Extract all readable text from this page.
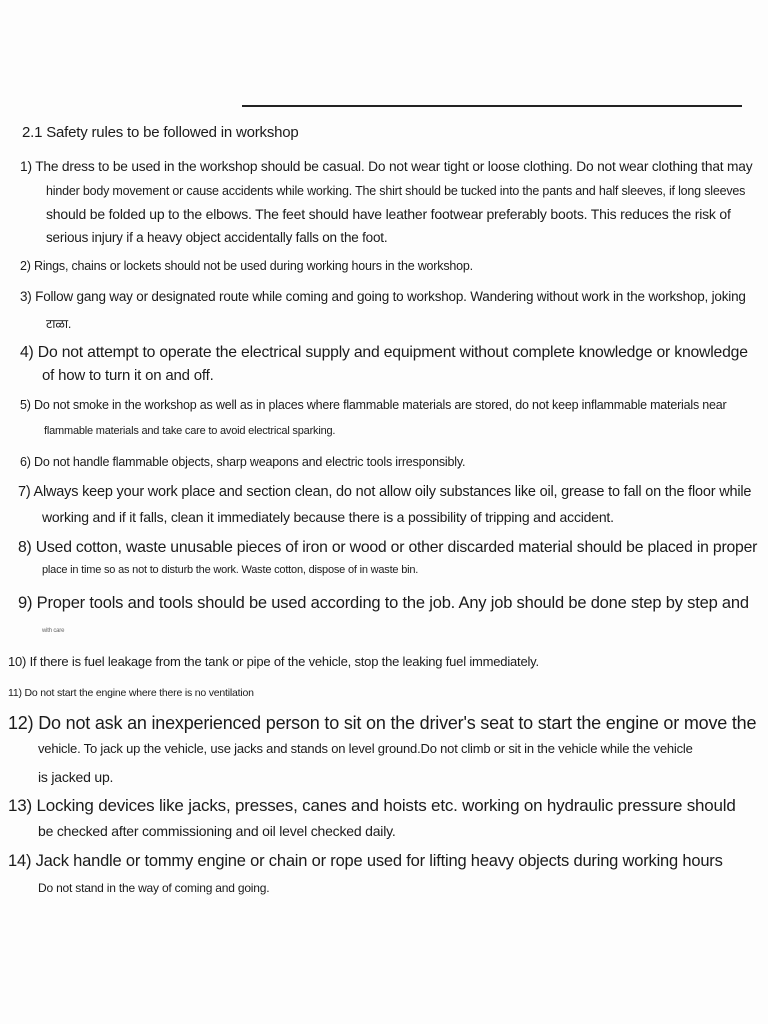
2.1 Safety rules to be followed in workshop
1) The dress to be used in the workshop should be casual. Do not wear tight or loose clothing. Do not wear clothing that may
hinder body movement or cause accidents while working. The shirt should be tucked into the pants and half sleeves, if long sleeves
should be folded up to the elbows. The feet should have leather footwear preferably boots. This reduces the risk of
serious injury if a heavy object accidentally falls on the foot.
2) Rings, chains or lockets should not be used during working hours in the workshop.
3) Follow gang way or designated route while coming and going to workshop. Wandering without work in the workshop, joking
टाळा.
4) Do not attempt to operate the electrical supply and equipment without complete knowledge or knowledge
of how to turn it on and off.
5) Do not smoke in the workshop as well as in places where flammable materials are stored, do not keep inflammable materials near
flammable materials and take care to avoid electrical sparking.
6) Do not handle flammable objects, sharp weapons and electric tools irresponsibly.
7) Always keep your work place and section clean, do not allow oily substances like oil, grease to fall on the floor while
working and if it falls, clean it immediately because there is a possibility of tripping and accident.
8) Used cotton, waste unusable pieces of iron or wood or other discarded material should be placed in proper
place in time so as not to disturb the work. Waste cotton, dispose of in waste bin.
9) Proper tools and tools should be used according to the job. Any job should be done step by step and
with care
10) If there is fuel leakage from the tank or pipe of the vehicle, stop the leaking fuel immediately.
11) Do not start the engine where there is no ventilation
12) Do not ask an inexperienced person to sit on the driver's seat to start the engine or move the
vehicle. To jack up the vehicle, use jacks and stands on level ground.Do not climb or sit in the vehicle while the vehicle
is jacked up.
13) Locking devices like jacks, presses, canes and hoists etc. working on hydraulic pressure should
be checked after commissioning and oil level checked daily.
14) Jack handle or tommy engine or chain or rope used for lifting heavy objects during working hours
Do not stand in the way of coming and going.
